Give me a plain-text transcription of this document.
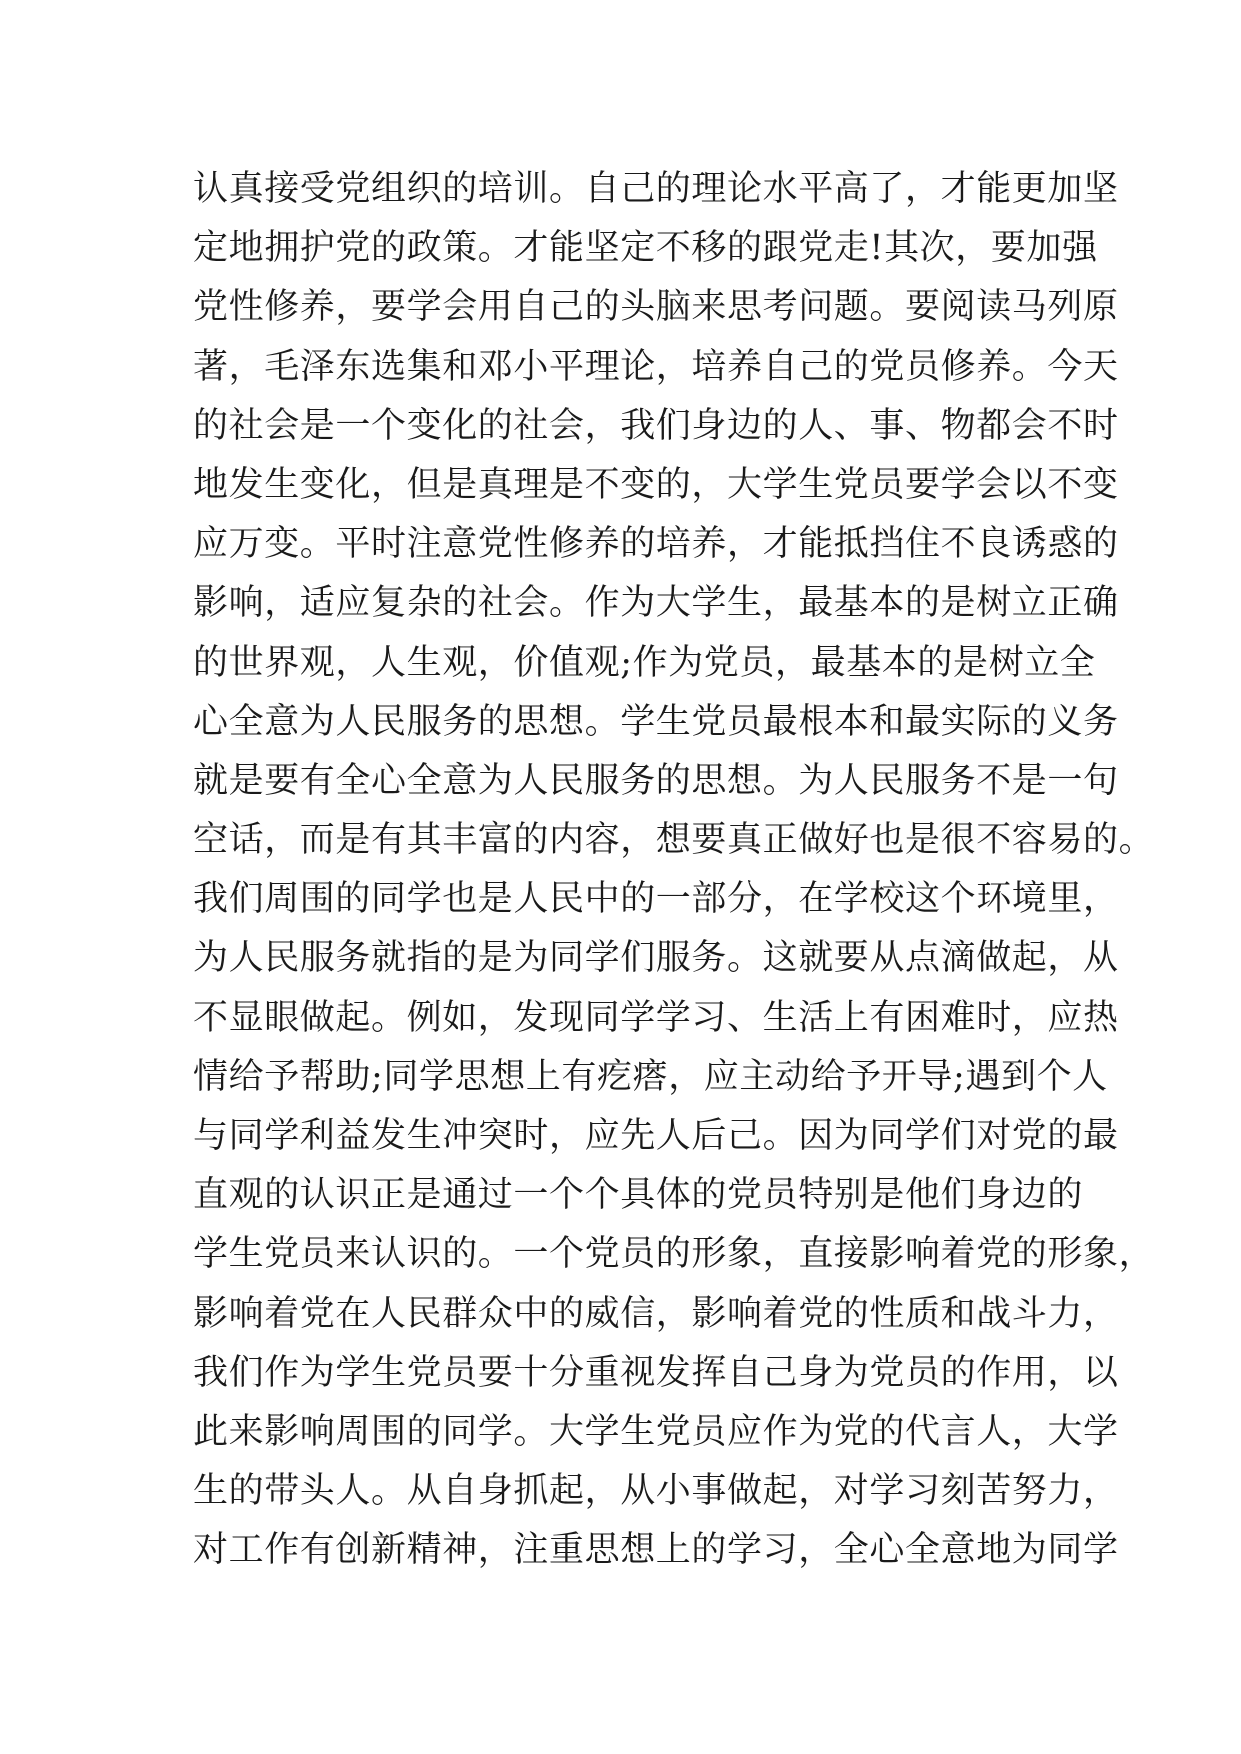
认真接受党组织的培训。自己的理论水平高了，才能更加坚
定地拥护党的政策。才能坚定不移的跟党走!其次，要加强
党性修养，要学会用自己的头脑来思考问题。要阅读马列原
著，毛泽东选集和邓小平理论，培养自己的党员修养。今天
的社会是一个变化的社会，我们身边的人、事、物都会不时
地发生变化，但是真理是不变的，大学生党员要学会以不变
应万变。平时注意党性修养的培养，才能抵挡住不良诱惑的
影响，适应复杂的社会。作为大学生，最基本的是树立正确
的世界观，人生观，价值观;作为党员，最基本的是树立全
心全意为人民服务的思想。学生党员最根本和最实际的义务
就是要有全心全意为人民服务的思想。为人民服务不是一句
空话，而是有其丰富的内容，想要真正做好也是很不容易的。
我们周围的同学也是人民中的一部分，在学校这个环境里，
为人民服务就指的是为同学们服务。这就要从点滴做起，从
不显眼做起。例如，发现同学学习、生活上有困难时，应热
情给予帮助;同学思想上有疙瘩，应主动给予开导;遇到个人
与同学利益发生冲突时，应先人后己。因为同学们对党的最
直观的认识正是通过一个个具体的党员特别是他们身边的
学生党员来认识的。一个党员的形象，直接影响着党的形象，
影响着党在人民群众中的威信，影响着党的性质和战斗力，
我们作为学生党员要十分重视发挥自己身为党员的作用，以
此来影响周围的同学。大学生党员应作为党的代言人，大学
生的带头人。从自身抓起，从小事做起，对学习刻苦努力，
对工作有创新精神，注重思想上的学习，全心全意地为同学
